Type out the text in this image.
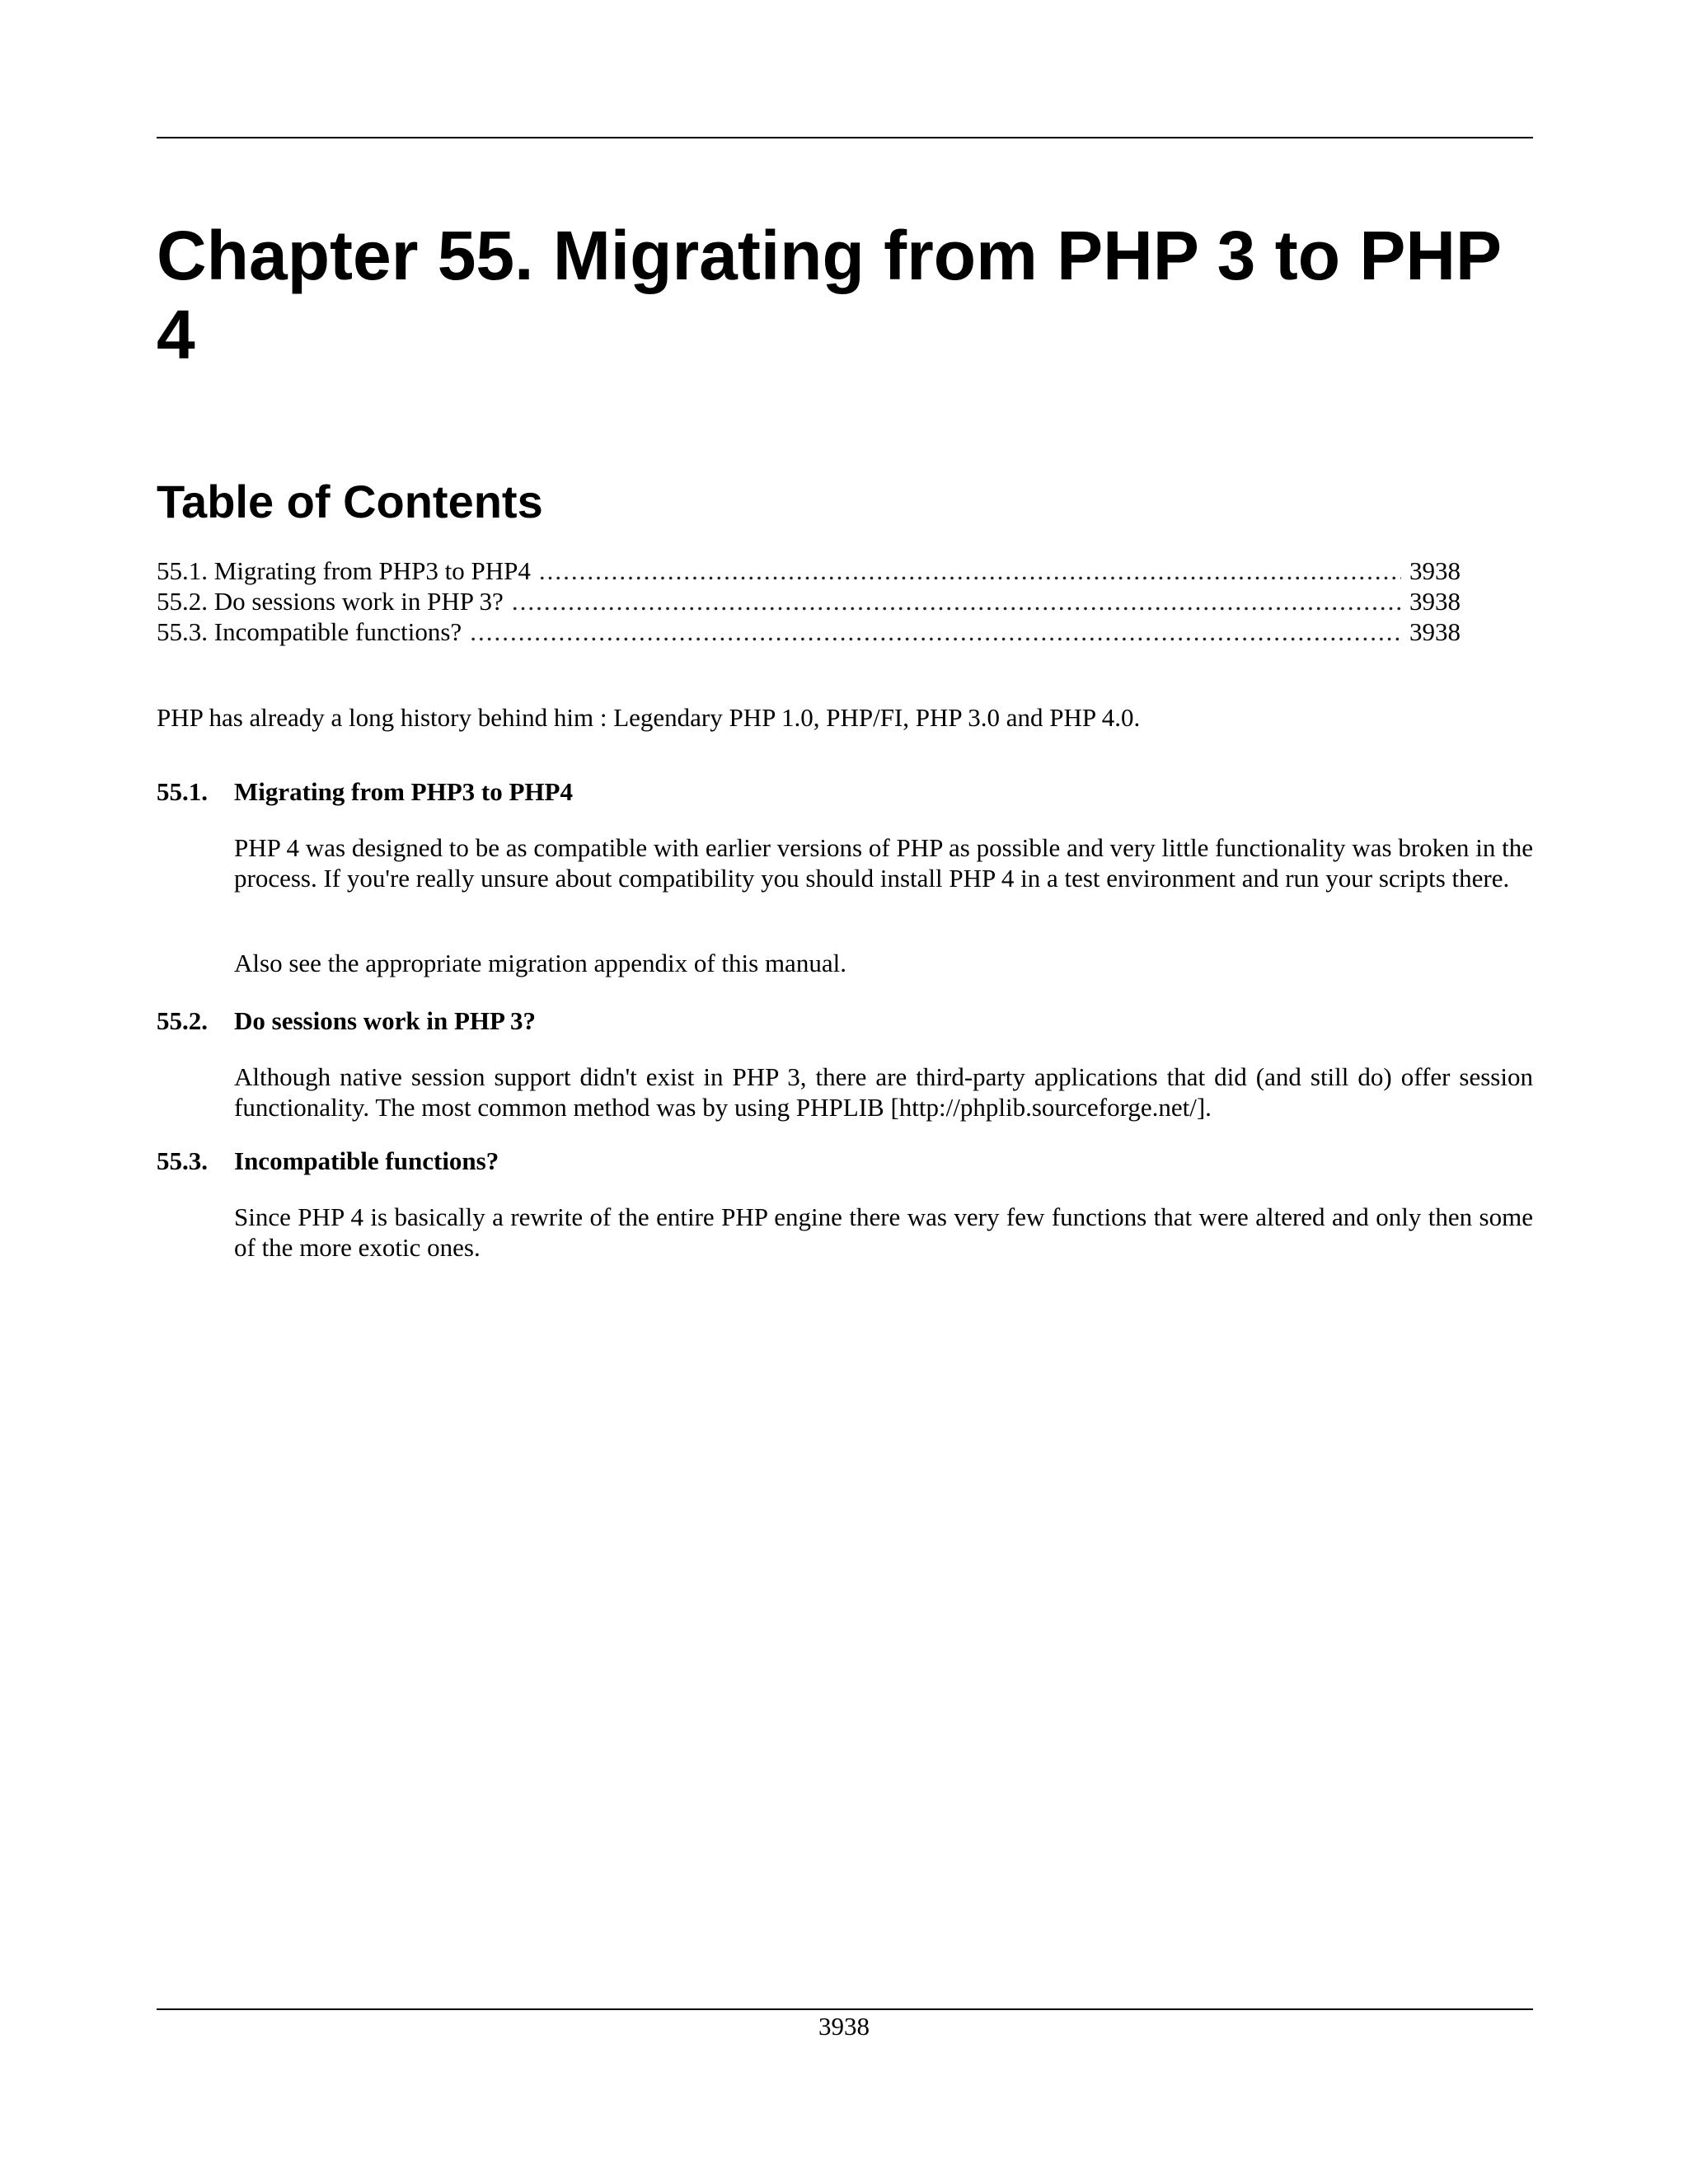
Chapter 55. Migrating from PHP 3 to PHP 4
Table of Contents
55.1. Migrating from PHP3 to PHP4 .....	3938
55.2. Do sessions work in PHP 3? .....	3938
55.3. Incompatible functions? .....	3938

PHP has already a long history behind him : Legendary PHP 1.0, PHP/FI, PHP 3.0 and PHP 4.0.

55.1. Migrating from PHP3 to PHP4

PHP 4 was designed to be as compatible with earlier versions of PHP as possible and very little functionality was broken in the process. If you're really unsure about compatibility you should install PHP 4 in a test environment and run your scripts there.

Also see the appropriate migration appendix of this manual.

55.2. Do sessions work in PHP 3?

Although native session support didn't exist in PHP 3, there are third-party applications that did (and still do) offer session functionality. The most common method was by using PHPLIB [http://phplib.sourceforge.net/].

55.3. Incompatible functions?

Since PHP 4 is basically a rewrite of the entire PHP engine there was very few functions that were altered and only then some of the more exotic ones.

3938
